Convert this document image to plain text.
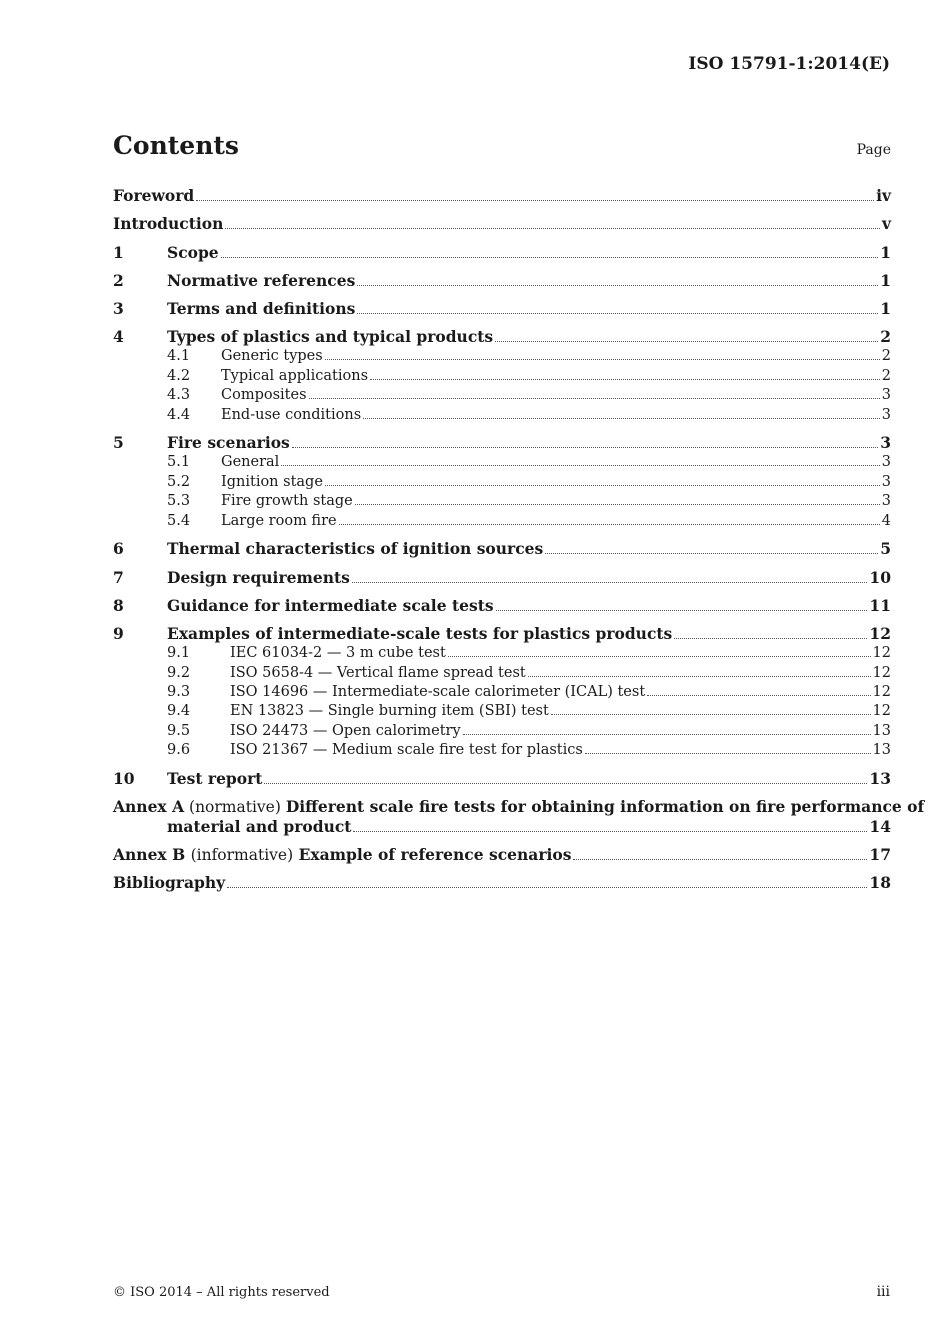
ISO 15791-1:2014(E)
Contents	Page
Foreword	iv
Introduction	v
1	Scope	1
2	Normative references	1
3	Terms and definitions	1
4	Types of plastics and typical products	2
4.1	Generic types	2
4.2	Typical applications	2
4.3	Composites	3
4.4	End-use conditions	3
5	Fire scenarios	3
5.1	General	3
5.2	Ignition stage	3
5.3	Fire growth stage	3
5.4	Large room fire	4
6	Thermal characteristics of ignition sources	5
7	Design requirements	10
8	Guidance for intermediate scale tests	11
9	Examples of intermediate-scale tests for plastics products	12
9.1	IEC 61034-2 — 3 m cube test	12
9.2	ISO 5658-4 — Vertical flame spread test	12
9.3	ISO 14696 — Intermediate-scale calorimeter (ICAL) test	12
9.4	EN 13823 — Single burning item (SBI) test	12
9.5	ISO 24473 — Open calorimetry	13
9.6	ISO 21367 — Medium scale fire test for plastics	13
10	Test report	13
Annex A (normative) Different scale fire tests for obtaining information on fire performance of
material and product	14
Annex B (informative) Example of reference scenarios	17
Bibliography	18
© ISO 2014 – All rights reserved	iii
